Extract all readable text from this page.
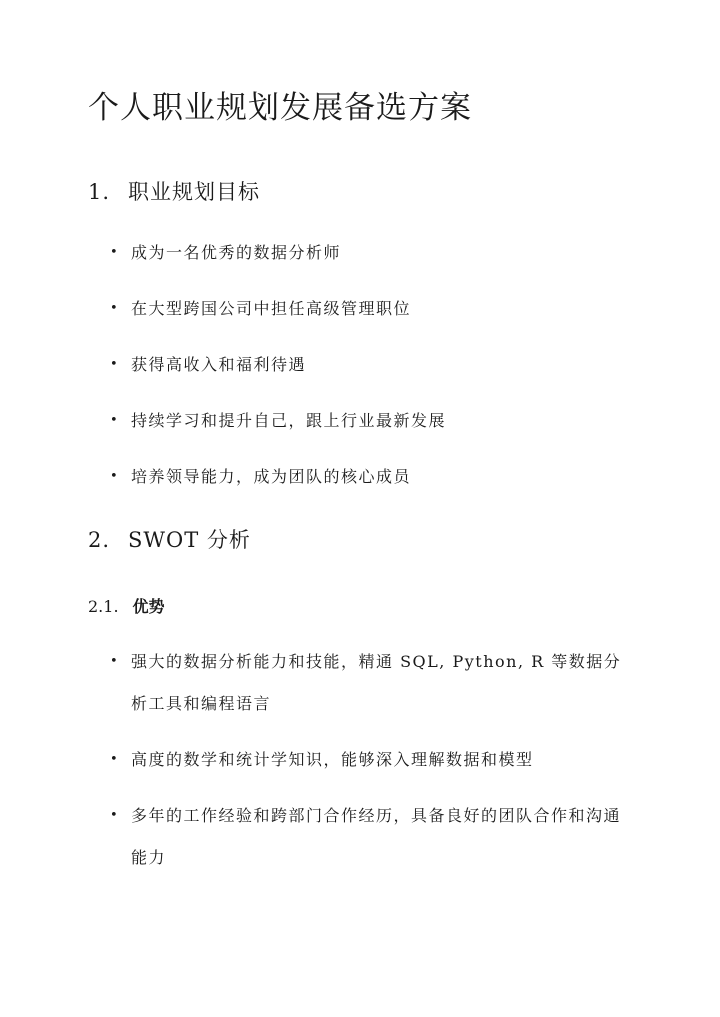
个人职业规划发展备选方案
1. 职业规划目标
• 成为一名优秀的数据分析师
• 在大型跨国公司中担任高级管理职位
• 获得高收入和福利待遇
• 持续学习和提升自己，跟上行业最新发展
• 培养领导能力，成为团队的核心成员
2. SWOT 分析
2.1. 优势
• 强大的数据分析能力和技能，精通 SQL, Python, R 等数据分析工具和编程语言
• 高度的数学和统计学知识，能够深入理解数据和模型
• 多年的工作经验和跨部门合作经历，具备良好的团队合作和沟通能力
